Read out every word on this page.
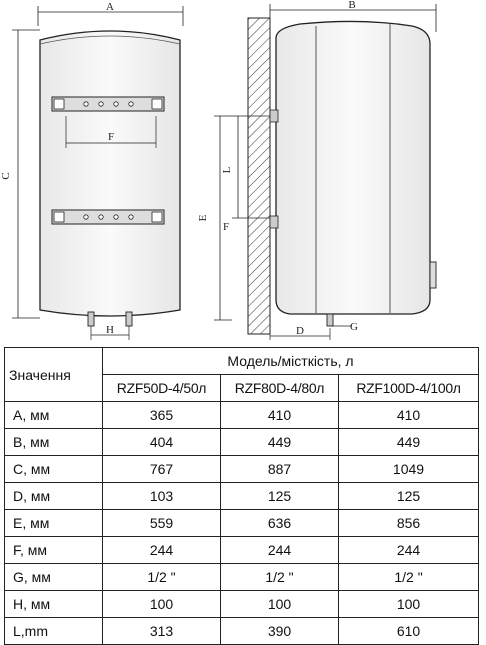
A
C
F
H
B
L
E
F
G
D
Значення	Модель/місткість, л		
	RZF50D-4/50л	RZF80D-4/80л	RZF100D-4/100л
A, мм	365	410	410
B, мм	404	449	449
C, мм	767	887	1049
D, мм	103	125	125
E, мм	559	636	856
F, мм	244	244	244
G, мм	1/2 "	1/2 "	1/2 "
H, мм	100	100	100
L,mm	313	390	610
